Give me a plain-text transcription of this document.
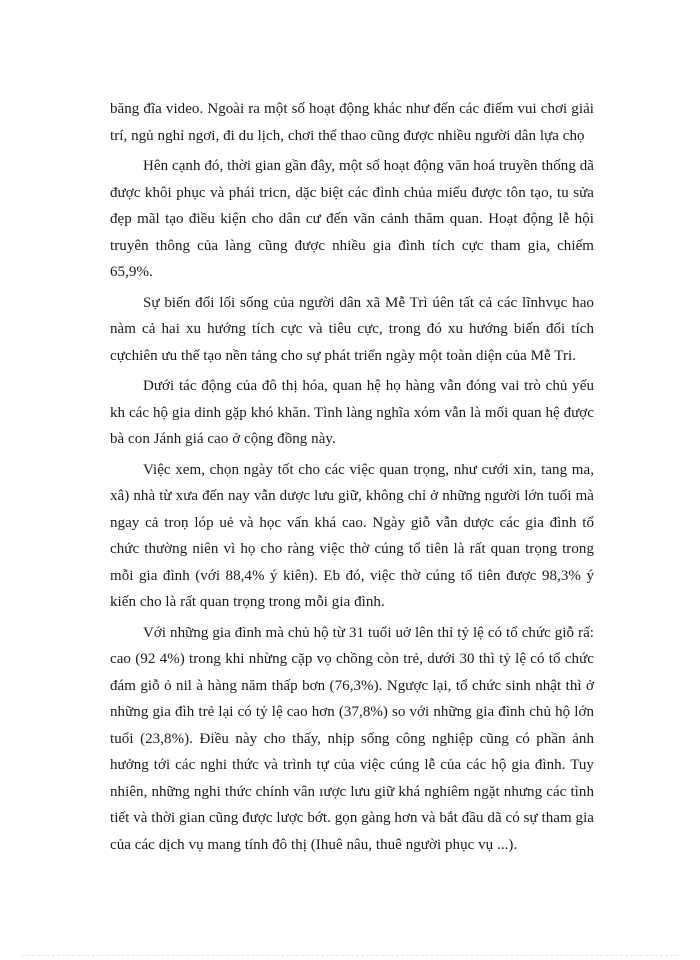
băng đĩa video. Ngoài ra một số hoạt động khác như đến các điểm vui chơi giải trí, ngủ nghỉ ngơi, đi du lịch, chơi thể thao cũng được nhiều người dân lựa chọ

Hên cạnh đó, thời gian gần đây, một số hoạt động văn hoá truyền thống dã được khôi phục và phái tricn, dặc biệt các đình chủa miếu được tôn tạo, tu sửa đẹp mãl tạo điều kiện cho dân cư đến vãn cảnh thăm quan. Hoạt động lễ hội truyên thông của làng cũng được nhiều gia đình tích cực tham gia, chiếm 65,9%.

Sự biến đổi lối sống của người dân xã Mễ Trì úên tất cả các lĩnhvục hao nàm cả hai xu hướng tích cực và tiêu cực, trong đó xu hướng biến đổi tích cựchiên ưu thế tạo nền tảng cho sự phát triển ngày một toàn diện của Mễ Tri.

Dưới tác động của đô thị hóa, quan hệ họ hàng vẫn đóng vai trò chủ yếu kh các hộ gia dinh gặp khó khăn. Tình làng nghĩa xóm vẫn là mối quan hệ được bà con Jánh giá cao ở cộng đồng này.

Việc xem, chọn ngày tốt cho các việc quan trọng, như cưới xin, tang ma, xâ) nhà từ xưa đến nay vẫn dược lưu giữ, không chỉ ở những người lớn tuổi mà ngay cả troṇ lóp uẻ và học vấn khá cao. Ngày giỗ vẫn dược các gia đình tổ chức thường niên vì họ cho ràng việc thờ cúng tổ tiên là rất quan trọng trong mỗi gia đình (với 88,4% ý kiên). Eb đó, việc thờ cúng tổ tiên được 98,3% ý kiến cho là rất quan trọng trong mỗi gia đình.

Với những gia đình mà chủ hộ từ 31 tuổi uở lên thỉ tỷ lệ có tổ chức giỗ rấ: cao (92 4%) trong khi nhừng cặp vọ chồng còn trẻ, dưới 30 thì tỷ lệ có tổ chức đám giỗ ỏ nil à hàng năm thấp bơn (76,3%). Ngược lại, tổ chức sinh nhật thì ở những gia đìh trẻ lại có tỷ lệ cao hơn (37,8%) so với những gia đình chủ hộ lớn tuổi (23,8%). Điều này cho thấy, nhịp sống công nghiệp cũng có phần ảnh hưởng tới các nghi thức và trình tự của việc cúng lễ của các hộ gia đình. Tuy nhiên, những nghi thức chính vân ıược lưu giữ khá nghiêm ngặt nhưng các tình tiết và thời gian cũng được lược bớt. gọn gàng hơn và bắt đầu dã có sự tham gia của các dịch vụ mang tính đô thị (Ihuê nâu, thuê người phục vụ ...).
